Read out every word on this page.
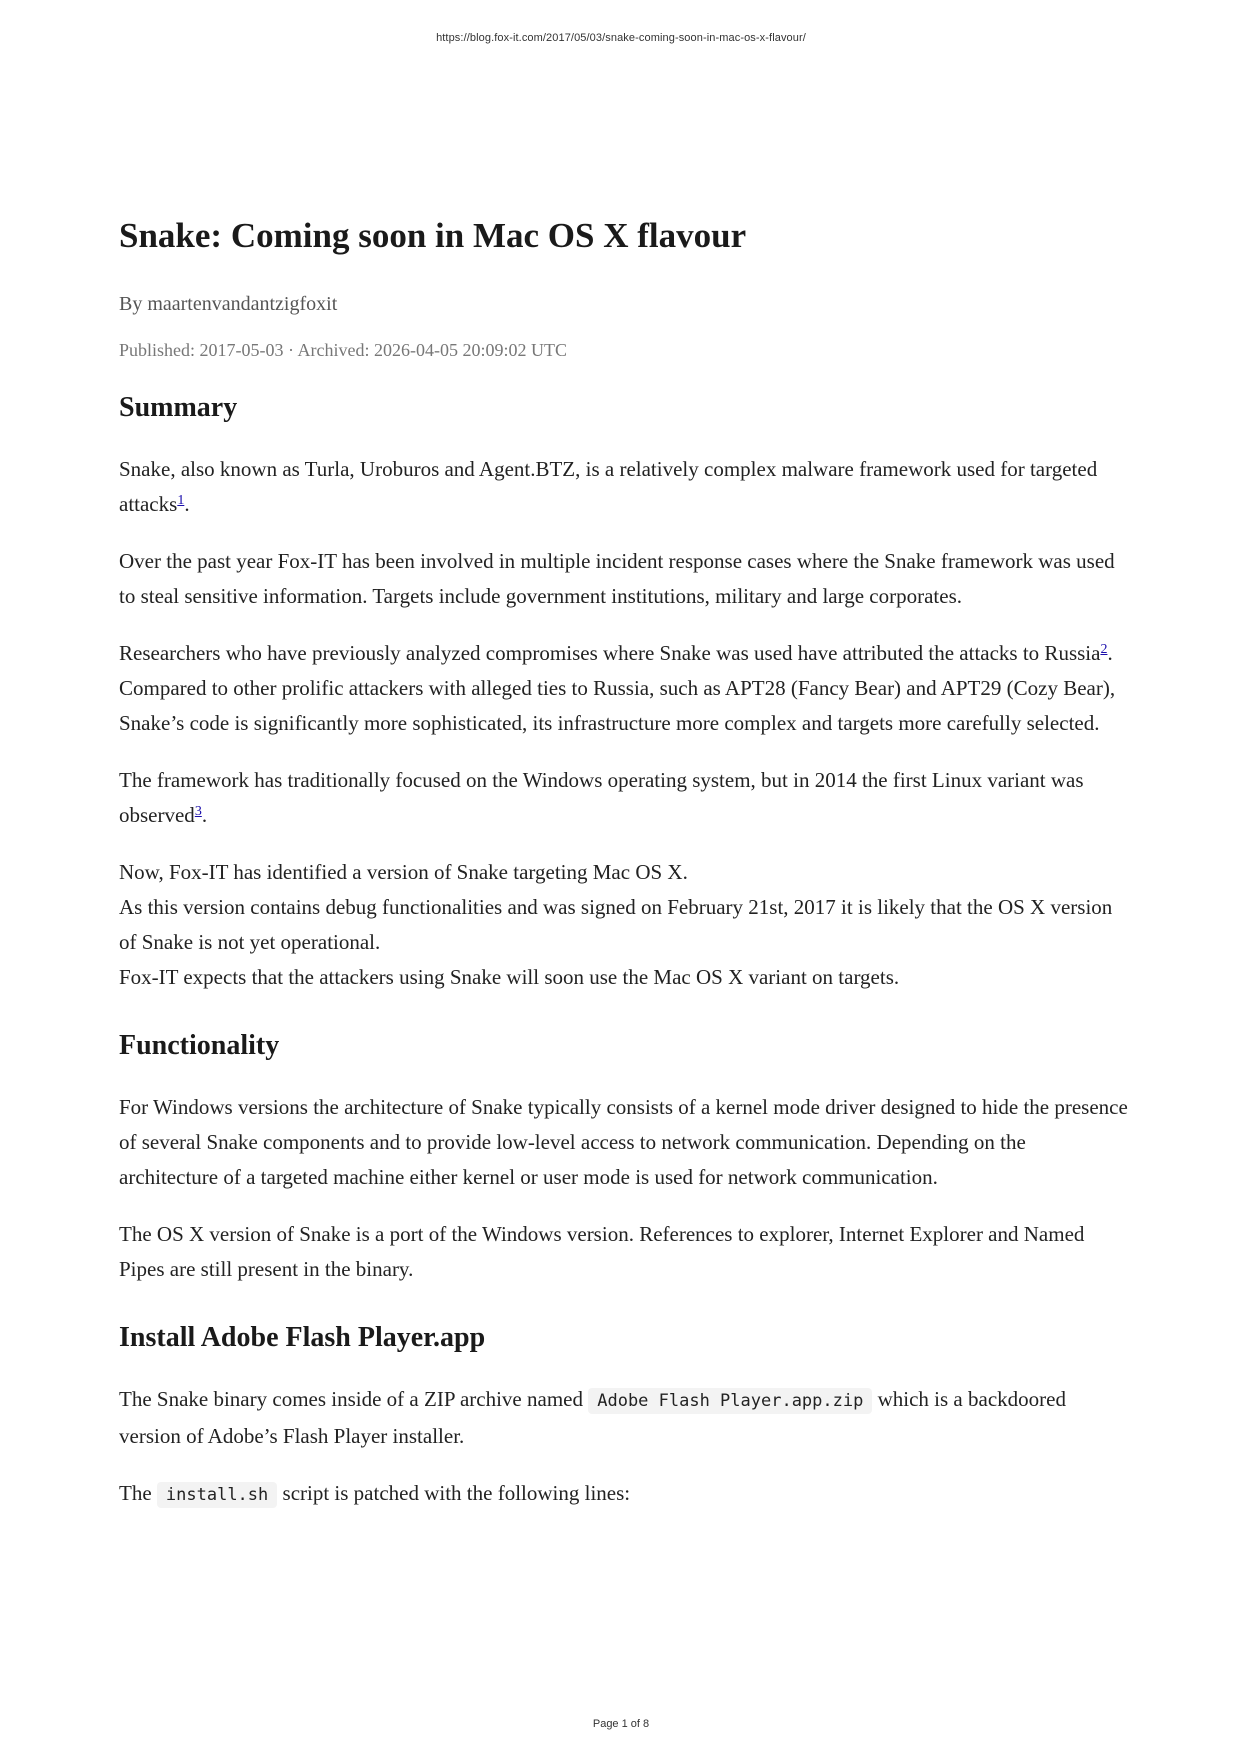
https://blog.fox-it.com/2017/05/03/snake-coming-soon-in-mac-os-x-flavour/
Snake: Coming soon in Mac OS X flavour
By maartenvandantzigfoxit
Published: 2017-05-03 · Archived: 2026-04-05 20:09:02 UTC
Summary

Snake, also known as Turla, Uroburos and Agent.BTZ, is a relatively complex malware framework used for targeted attacks$^1$.

Over the past year Fox-IT has been involved in multiple incident response cases where the Snake framework was used to steal sensitive information. Targets include government institutions, military and large corporates.

Researchers who have previously analyzed compromises where Snake was used have attributed the attacks to Russia$^2$. Compared to other prolific attackers with alleged ties to Russia, such as APT28 (Fancy Bear) and APT29 (Cozy Bear), Snake’s code is significantly more sophisticated, its infrastructure more complex and targets more carefully selected.

The framework has traditionally focused on the Windows operating system, but in 2014 the first Linux variant was observed$^3$.

Now, Fox-IT has identified a version of Snake targeting Mac OS X.
As this version contains debug functionalities and was signed on February 21st, 2017 it is likely that the OS X version of Snake is not yet operational.
Fox-IT expects that the attackers using Snake will soon use the Mac OS X variant on targets.

Functionality

For Windows versions the architecture of Snake typically consists of a kernel mode driver designed to hide the presence of several Snake components and to provide low-level access to network communication. Depending on the architecture of a targeted machine either kernel or user mode is used for network communication.

The OS X version of Snake is a port of the Windows version. References to explorer, Internet Explorer and Named Pipes are still present in the binary.

Install Adobe Flash Player.app

The Snake binary comes inside of a ZIP archive named Adobe Flash Player.app.zip which is a backdoored version of Adobe’s Flash Player installer.

The install.sh script is patched with the following lines:

Page 1 of 8
